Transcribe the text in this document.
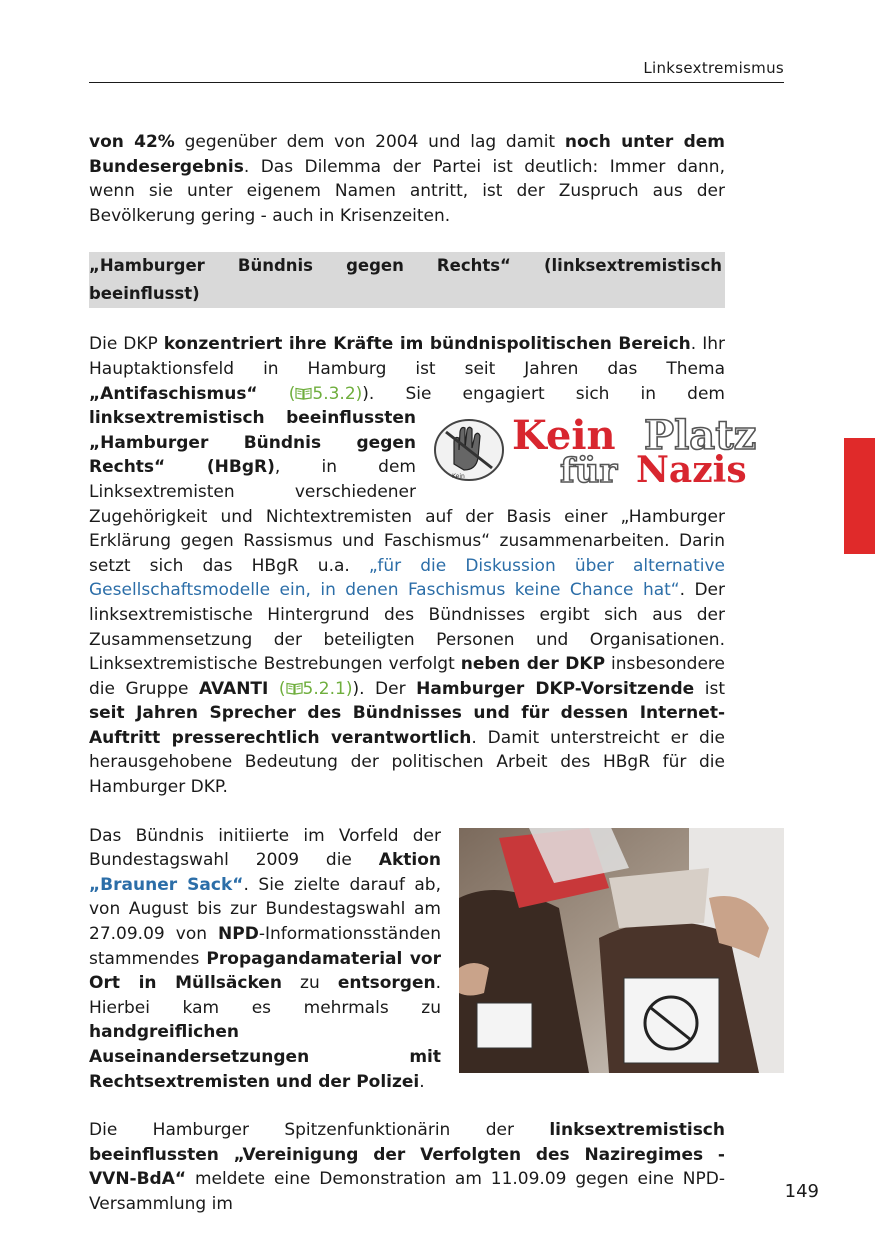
Linksextremismus

von 42% gegenüber dem von 2004 und lag damit noch unter dem Bundesergebnis. Das Dilemma der Partei ist deutlich: Immer dann, wenn sie unter eigenem Namen antritt, ist der Zuspruch aus der Bevölkerung gering - auch in Krisenzeiten.

„Hamburger Bündnis gegen Rechts“ (linksextremistisch beeinflusst)

Die DKP konzentriert ihre Kräfte im bündnispolitischen Bereich. Ihr Hauptaktionsfeld in Hamburg ist seit Jahren das Thema „Antifaschismus“ ( 5.3.2)). Sie engagiert sich in dem
Kein
Kein Platz
für Nazis
linksextremistisch beeinflussten „Hamburger Bündnis gegen Rechts“ (HBgR), in dem Linksextremisten verschiedener Zugehörigkeit und Nichtextremisten auf der Basis einer „Hamburger Erklärung gegen Rassismus und Faschismus“ zusammenarbeiten. Darin setzt sich das HBgR u.a. „für die Diskussion über alternative Gesellschaftsmodelle ein, in denen Faschismus keine Chance hat“. Der linksextremistische Hintergrund des Bündnisses ergibt sich aus der Zusammensetzung der beteiligten Personen und Organisationen. Linksextremistische Bestrebungen verfolgt neben der DKP insbesondere die Gruppe AVANTI ( 5.2.1)). Der Hamburger DKP-Vorsitzende ist seit Jahren Sprecher des Bündnisses und für dessen Internet-Auftritt presserechtlich verantwortlich. Damit unterstreicht er die herausgehobene Bedeutung der politischen Arbeit des HBgR für die Hamburger DKP.

Das Bündnis initiierte im Vorfeld der Bundestagswahl 2009 die Aktion „Brauner Sack“. Sie zielte darauf ab, von August bis zur Bundestagswahl am 27.09.09 von NPD-Informationsständen stammendes Propagandamaterial vor Ort in Müllsäcken zu entsorgen. Hierbei kam es mehrmals zu handgreiflichen Auseinandersetzungen mit Rechtsextremisten und der Polizei.

Die Hamburger Spitzenfunktionärin der linksextremistisch beeinflussten „Vereinigung der Verfolgten des Naziregimes - VVN-BdA“ meldete eine Demonstration am 11.09.09 gegen eine NPD-Versammlung im

149
